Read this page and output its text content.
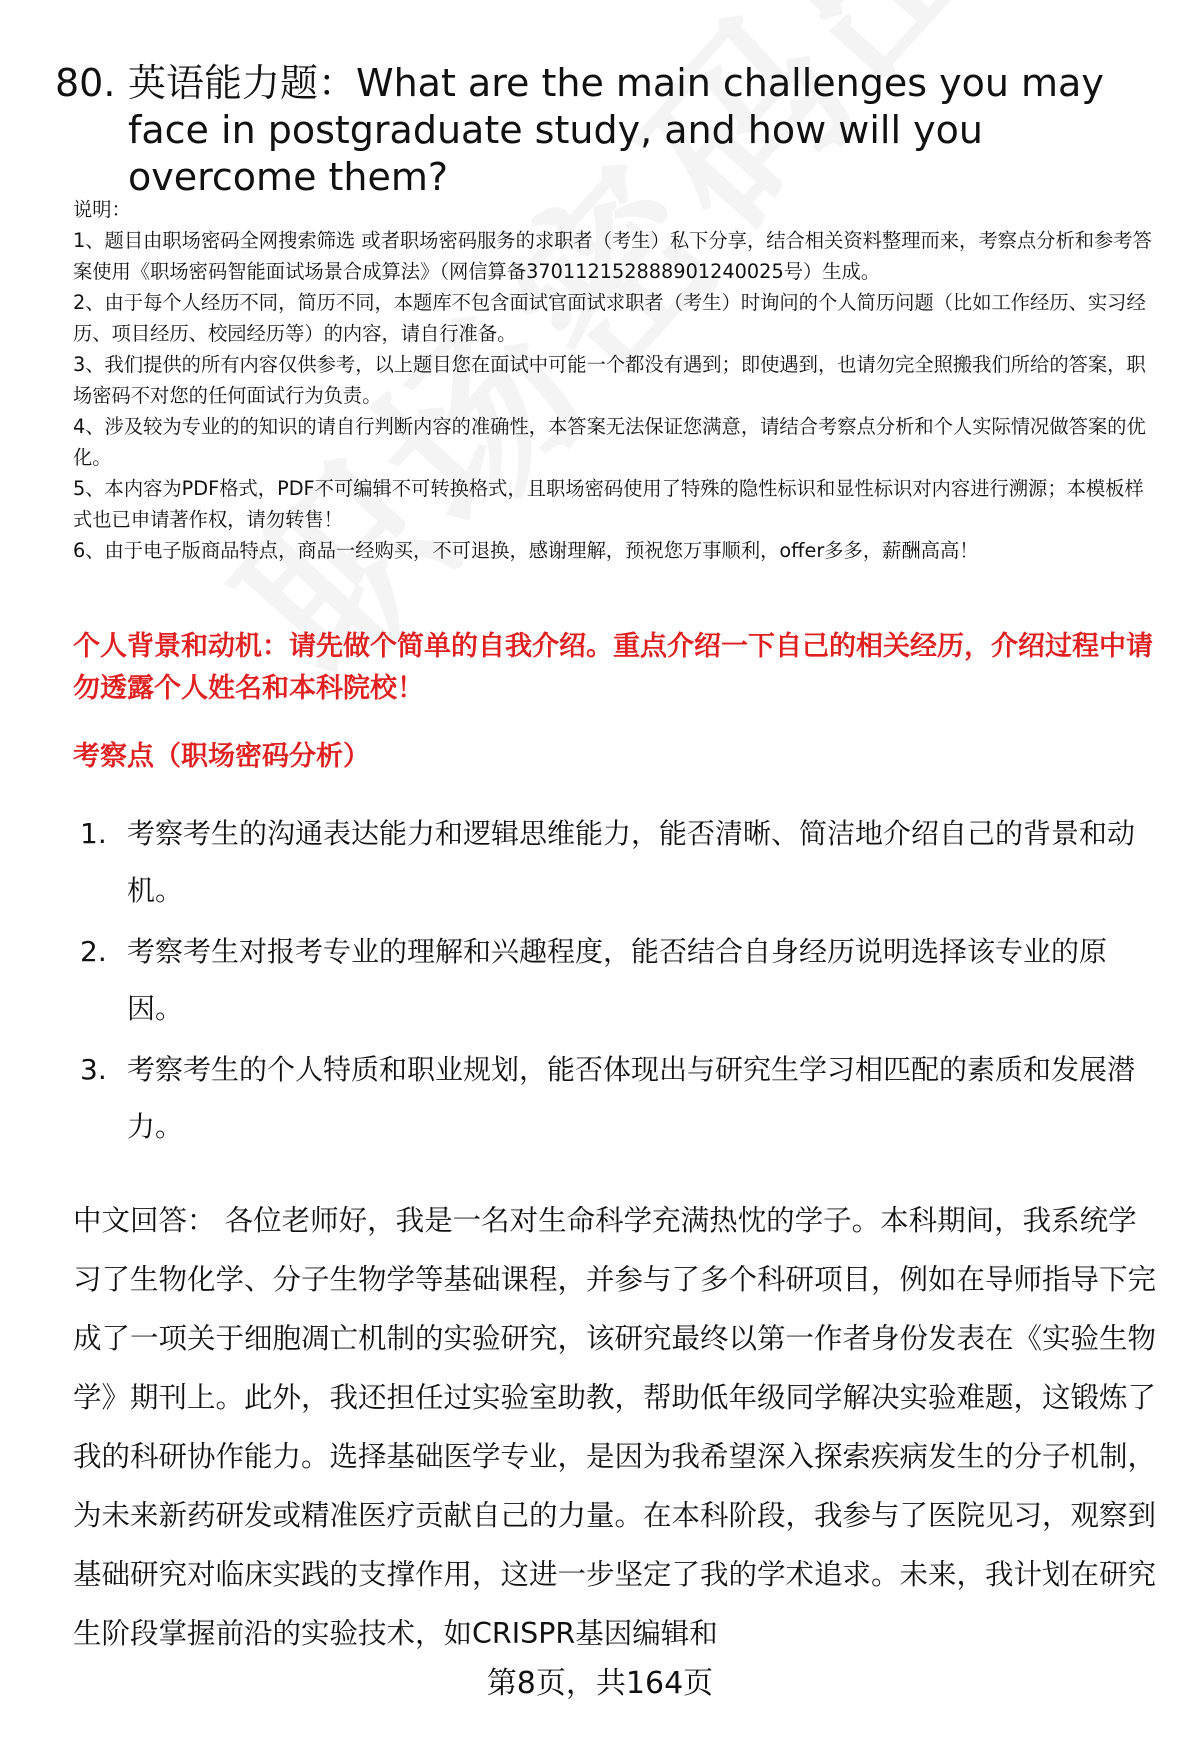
80. 英语能力题：What are the main challenges you may face in postgraduate study, and how will you overcome them?

说明：

1、题目由职场密码全网搜索筛选 或者职场密码服务的求职者（考生）私下分享，结合相关资料整理而来，考察点分析和参考答案使用《职场密码智能面试场景合成算法》（网信算备370112152888901240025号）生成。

2、由于每个人经历不同，简历不同，本题库不包含面试官面试求职者（考生）时询问的个人简历问题（比如工作经历、实习经历、项目经历、校园经历等）的内容，请自行准备。

3、我们提供的所有内容仅供参考，以上题目您在面试中可能一个都没有遇到；即使遇到，也请勿完全照搬我们所给的答案，职场密码不对您的任何面试行为负责。

4、涉及较为专业的的知识的请自行判断内容的准确性，本答案无法保证您满意，请结合考察点分析和个人实际情况做答案的优化。

5、本内容为PDF格式，PDF不可编辑不可转换格式，且职场密码使用了特殊的隐性标识和显性标识对内容进行溯源；本模板样式也已申请著作权，请勿转售！

6、由于电子版商品特点，商品一经购买，不可退换，感谢理解，预祝您万事顺利，offer多多，薪酬高高！

个人背景和动机：请先做个简单的自我介绍。重点介绍一下自己的相关经历，介绍过程中请勿透露个人姓名和本科院校！
考察点（职场密码分析）
1. 考察考生的沟通表达能力和逻辑思维能力，能否清晰、简洁地介绍自己的背景和动机。
2. 考察考生对报考专业的理解和兴趣程度，能否结合自身经历说明选择该专业的原因。
3. 考察考生的个人特质和职业规划，能否体现出与研究生学习相匹配的素质和发展潜力。

中文回答： 各位老师好，我是一名对生命科学充满热忱的学子。本科期间，我系统学习了生物化学、分子生物学等基础课程，并参与了多个科研项目，例如在导师指导下完成了一项关于细胞凋亡机制的实验研究，该研究最终以第一作者身份发表在《实验生物学》期刊上。此外，我还担任过实验室助教，帮助低年级同学解决实验难题，这锻炼了我的科研协作能力。选择基础医学专业，是因为我希望深入探索疾病发生的分子机制，为未来新药研发或精准医疗贡献自己的力量。在本科阶段，我参与了医院见习，观察到基础研究对临床实践的支撑作用，这进一步坚定了我的学术追求。未来，我计划在研究生阶段掌握前沿的实验技术，如CRISPR基因编辑和

第8页，共164页
